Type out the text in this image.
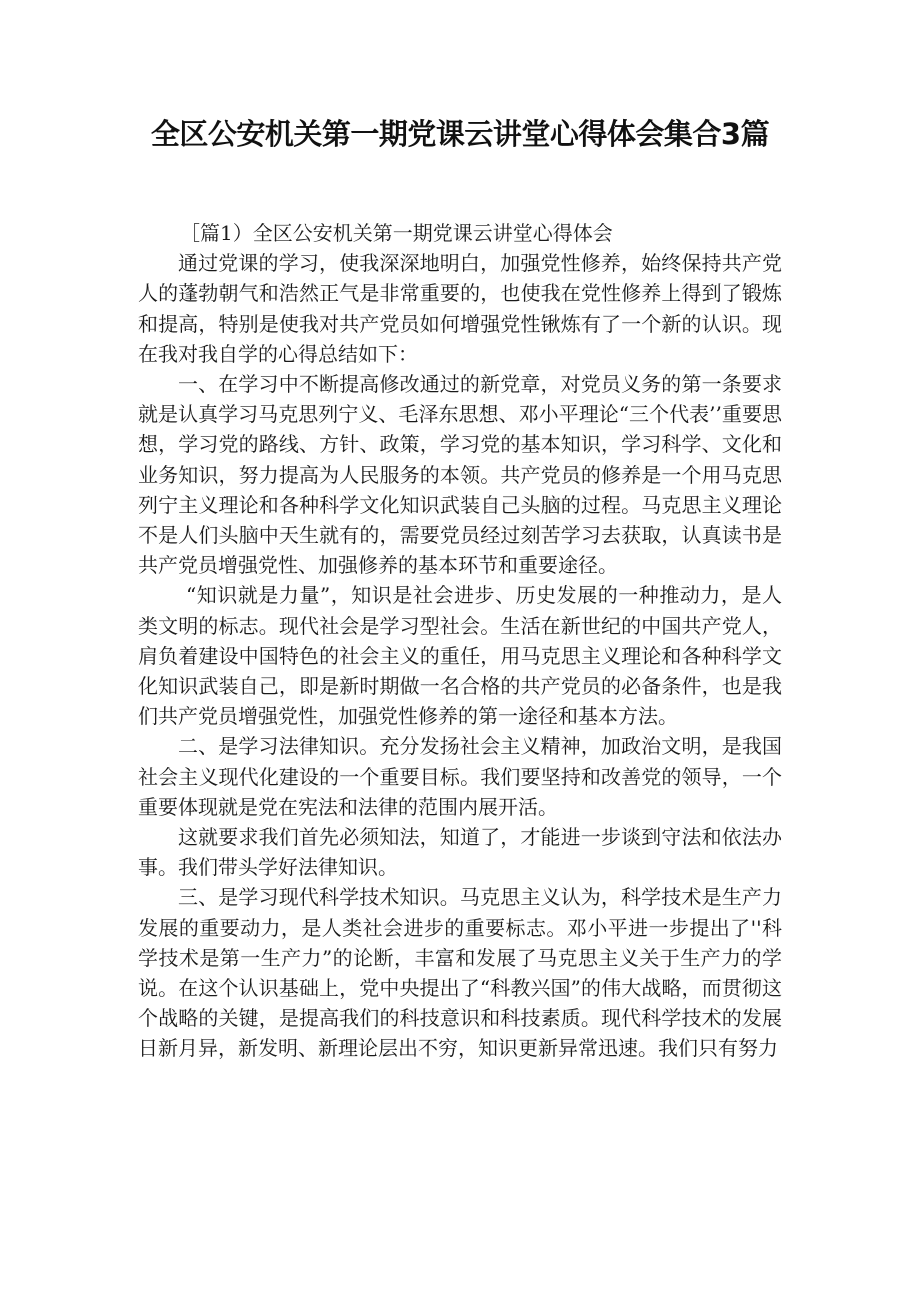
全区公安机关第一期党课云讲堂心得体会集合3篇
［篇1）全区公安机关第一期党课云讲堂心得体会

通过党课的学习，使我深深地明白，加强党性修养，始终保持共产党人的蓬勃朝气和浩然正气是非常重要的，也使我在党性修养上得到了锻炼和提高，特别是使我对共产党员如何增强党性锹炼有了一个新的认识。现在我对我自学的心得总结如下：

一、在学习中不断提高修改通过的新党章，对党员义务的第一条要求就是认真学习马克思列宁义、毛泽东思想、邓小平理论“三个代表’’重要思想，学习党的路线、方针、政策，学习党的基本知识，学习科学、文化和业务知识，努力提高为人民服务的本领。共产党员的修养是一个用马克思列宁主义理论和各种科学文化知识武装自己头脑的过程。马克思主义理论不是人们头脑中天生就有的，需要党员经过刻苦学习去获取，认真读书是共产党员增强党性、加强修养的基本环节和重要途径。

“知识就是力量”，知识是社会进步、历史发展的一种推动力，是人类文明的标志。现代社会是学习型社会。生活在新世纪的中国共产党人，肩负着建设中国特色的社会主义的重任，用马克思主义理论和各种科学文化知识武装自己，即是新时期做一名合格的共产党员的必备条件，也是我们共产党员增强党性，加强党性修养的第一途径和基本方法。

二、是学习法律知识。充分发扬社会主义精神，加政治文明，是我国社会主义现代化建设的一个重要目标。我们要坚持和改善党的领导，一个重要体现就是党在宪法和法律的范围内展开活。

这就要求我们首先必须知法，知道了，才能进一步谈到守法和依法办事。我们带头学好法律知识。

三、是学习现代科学技术知识。马克思主义认为，科学技术是生产力发展的重要动力，是人类社会进步的重要标志。邓小平进一步提出了''科学技术是第一生产力”的论断，丰富和发展了马克思主义关于生产力的学说。在这个认识基础上，党中央提出了“科教兴国”的伟大战略，而贯彻这个战略的关键，是提高我们的科技意识和科技素质。现代科学技术的发展日新月异，新发明、新理论层出不穷，知识更新异常迅速。我们只有努力
